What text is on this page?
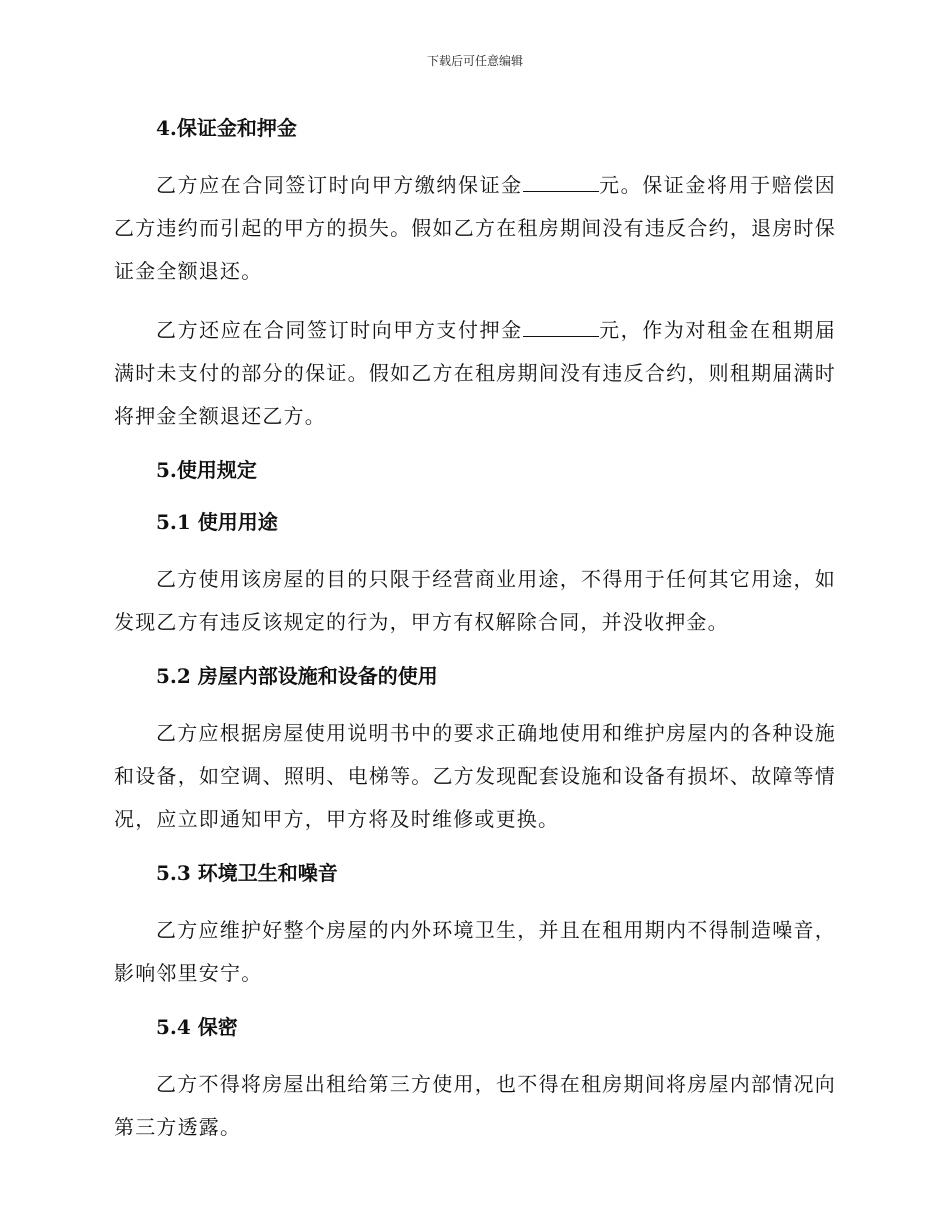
下载后可任意编辑
4.保证金和押金

乙方应在合同签订时向甲方缴纳保证金	元。保证金将用于赔偿因乙方违约而引起的甲方的损失。假如乙方在租房期间没有违反合约，退房时保证金全额退还。

乙方还应在合同签订时向甲方支付押金	元，作为对租金在租期届满时未支付的部分的保证。假如乙方在租房期间没有违反合约，则租期届满时将押金全额退还乙方。

5.使用规定
5.1 使用用途

乙方使用该房屋的目的只限于经营商业用途，不得用于任何其它用途，如发现乙方有违反该规定的行为，甲方有权解除合同，并没收押金。

5.2 房屋内部设施和设备的使用

乙方应根据房屋使用说明书中的要求正确地使用和维护房屋内的各种设施和设备，如空调、照明、电梯等。乙方发现配套设施和设备有损坏、故障等情况，应立即通知甲方，甲方将及时维修或更换。

5.3 环境卫生和噪音

乙方应维护好整个房屋的内外环境卫生，并且在租用期内不得制造噪音，影响邻里安宁。

5.4 保密

乙方不得将房屋出租给第三方使用，也不得在租房期间将房屋内部情况向第三方透露。
